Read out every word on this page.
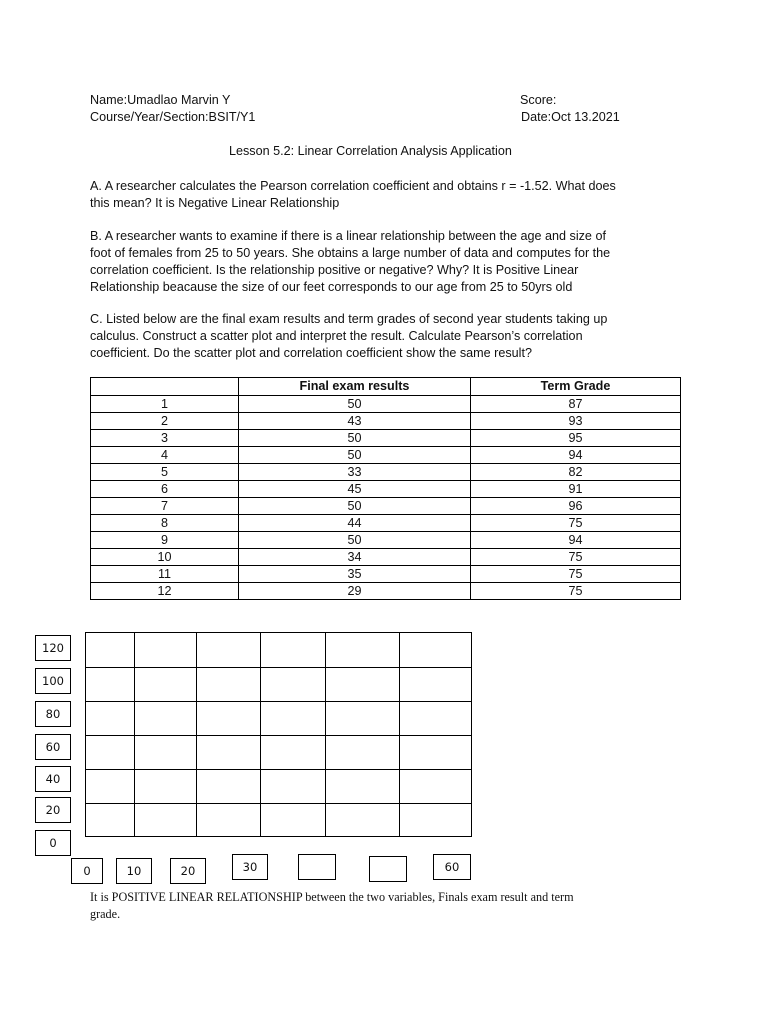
Name:Umadlao Marvin Y
Course/Year/Section:BSIT/Y1
Score:
Date:Oct 13.2021
Lesson 5.2: Linear Correlation Analysis Application
A. A researcher calculates the Pearson correlation coefficient and obtains r = -1.52. What does
this mean? It is Negative Linear Relationship
B. A researcher wants to examine if there is a linear relationship between the age and size of
foot of females from 25 to 50 years. She obtains a large number of data and computes for the
correlation coefficient. Is the relationship positive or negative? Why? It is Positive Linear
Relationship beacause the size of our feet corresponds to our age from 25 to 50yrs old
C. Listed below are the final exam results and term grades of second year students taking up
calculus. Construct a scatter plot and interpret the result. Calculate Pearson’s correlation
coefficient. Do the scatter plot and correlation coefficient show the same result?
	Final exam results	Term Grade
1	50	87
2	43	93
3	50	95
4	50	94
5	33	82
6	45	91
7	50	96
8	44	75
9	50	94
10	34	75
11	35	75
12	29	75
120
100
80
60
40
20
0
0	10	20	30	60
It is POSITIVE LINEAR RELATIONSHIP between the two variables, Finals exam result and term
grade.
